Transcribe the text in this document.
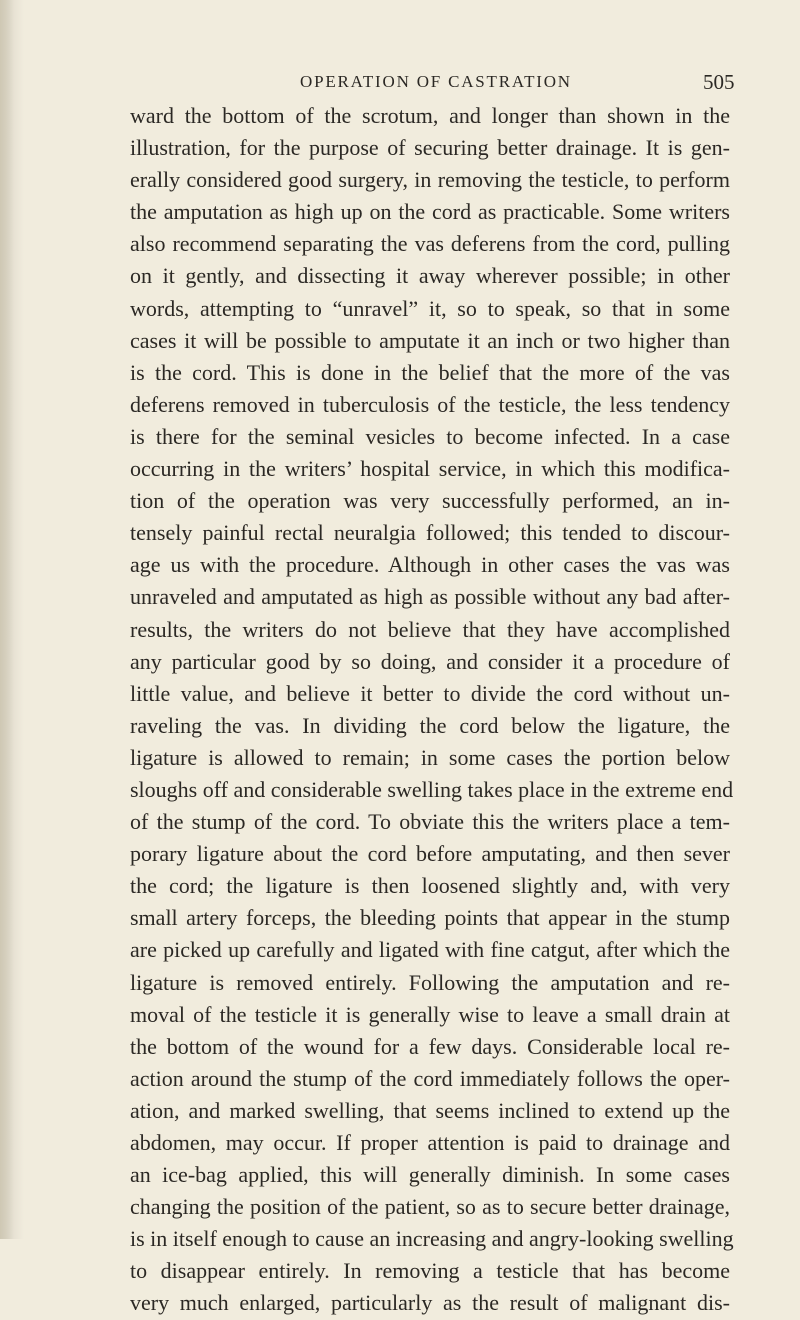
OPERATION OF CASTRATION	505
ward the bottom of the scrotum, and longer than shown in the
illustration, for the purpose of securing better drainage. It is gen-
erally considered good surgery, in removing the testicle, to perform
the amputation as high up on the cord as practicable. Some writers
also recommend separating the vas deferens from the cord, pulling
on it gently, and dissecting it away wherever possible; in other
words, attempting to “unravel” it, so to speak, so that in some
cases it will be possible to amputate it an inch or two higher than
is the cord. This is done in the belief that the more of the vas
deferens removed in tuberculosis of the testicle, the less tendency
is there for the seminal vesicles to become infected. In a case
occurring in the writers’ hospital service, in which this modifica-
tion of the operation was very successfully performed, an in-
tensely painful rectal neuralgia followed; this tended to discour-
age us with the procedure. Although in other cases the vas was
unraveled and amputated as high as possible without any bad after-
results, the writers do not believe that they have accomplished
any particular good by so doing, and consider it a procedure of
little value, and believe it better to divide the cord without un-
raveling the vas. In dividing the cord below the ligature, the
ligature is allowed to remain; in some cases the portion below
sloughs off and considerable swelling takes place in the extreme end
of the stump of the cord. To obviate this the writers place a tem-
porary ligature about the cord before amputating, and then sever
the cord; the ligature is then loosened slightly and, with very
small artery forceps, the bleeding points that appear in the stump
are picked up carefully and ligated with fine catgut, after which the
ligature is removed entirely. Following the amputation and re-
moval of the testicle it is generally wise to leave a small drain at
the bottom of the wound for a few days. Considerable local re-
action around the stump of the cord immediately follows the oper-
ation, and marked swelling, that seems inclined to extend up the
abdomen, may occur. If proper attention is paid to drainage and
an ice-bag applied, this will generally diminish. In some cases
changing the position of the patient, so as to secure better drainage,
is in itself enough to cause an increasing and angry-looking swelling
to disappear entirely. In removing a testicle that has become
very much enlarged, particularly as the result of malignant dis-
